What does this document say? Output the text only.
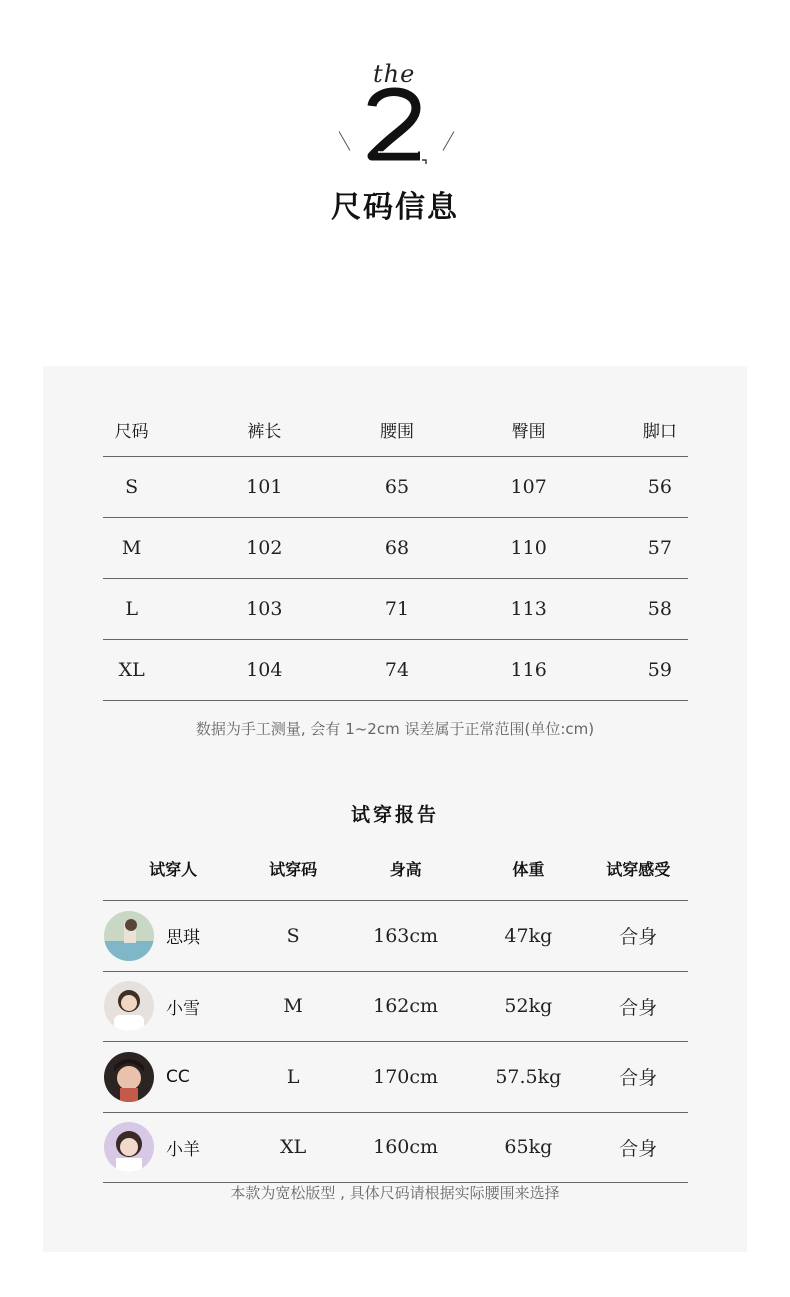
the
尺码信息
尺码	裤长	腰围	臀围	脚口
S	101	65	107	56
M	102	68	110	57
L	103	71	113	58
XL	104	74	116	59
数据为手工测量, 会有 1~2cm 误差属于正常范围(单位:cm)
试穿报告
试穿人	试穿码	身高	体重	试穿感受

思琪	S	163cm	47kg	合身

小雪	M	162cm	52kg	合身

CC	L	170cm	57.5kg	合身

小羊	XL	160cm	65kg	合身
本款为宽松版型 , 具体尺码请根据实际腰围来选择
